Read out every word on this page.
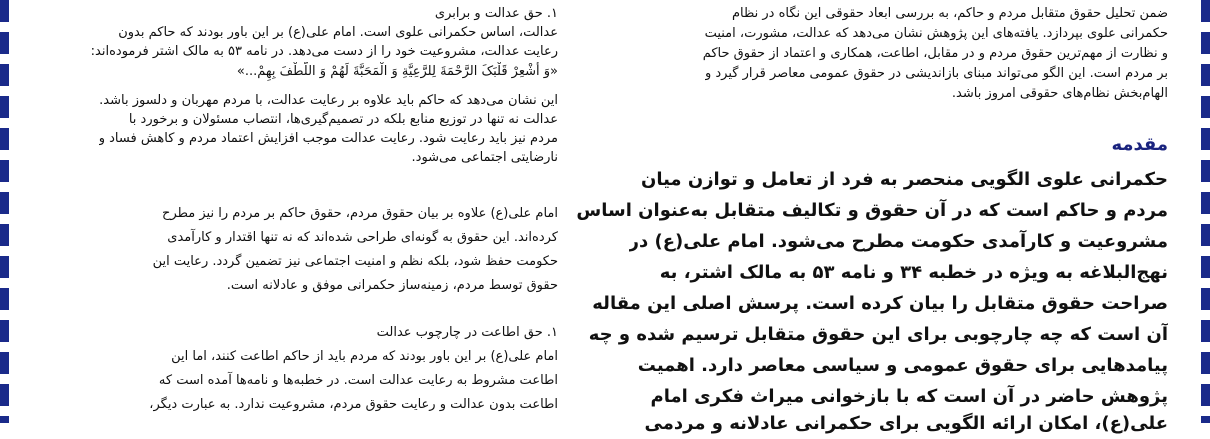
۱. حق عدالت و برابری
عدالت، اساس حکمرانی علوی است. امام علی(ع) بر این باور بودند که حاکم بدون
رعایت عدالت، مشروعیت خود را از دست می‌دهد. در نامه ۵۳ به مالک اشتر فرموده‌اند:
«وَ أَشْعِرْ قَلْبَکَ الرَّحْمَةَ لِلرَّعِیَّةِ وَ الْمَحَبَّةَ لَهُمْ وَ اللُّطْفَ بِهِمْ...»
این نشان می‌دهد که حاکم باید علاوه بر رعایت عدالت، با مردم مهربان و دلسوز باشد.
عدالت نه تنها در توزیع منابع بلکه در تصمیم‌گیری‌ها، انتصاب مسئولان و برخورد با
مردم نیز باید رعایت شود. رعایت عدالت موجب افزایش اعتماد مردم و کاهش فساد و
نارضایتی اجتماعی می‌شود.
امام علی(ع) علاوه بر بیان حقوق مردم، حقوق حاکم بر مردم را نیز مطرح
کرده‌اند. این حقوق به گونه‌ای طراحی شده‌اند که نه تنها اقتدار و کارآمدی
حکومت حفظ شود، بلکه نظم و امنیت اجتماعی نیز تضمین گردد. رعایت این
حقوق توسط مردم، زمینه‌ساز حکمرانی موفق و عادلانه است.
۱. حق اطاعت در چارچوب عدالت
امام علی(ع) بر این باور بودند که مردم باید از حاکم اطاعت کنند، اما این
اطاعت مشروط به رعایت عدالت است. در خطبه‌ها و نامه‌ها آمده است که
اطاعت بدون عدالت و رعایت حقوق مردم، مشروعیت ندارد. به عبارت دیگر،
ضمن تحلیل حقوق متقابل مردم و حاکم، به بررسی ابعاد حقوقی این نگاه در نظام
حکمرانی علوی بپردازد. یافته‌های این پژوهش نشان می‌دهد که عدالت، مشورت، امنیت
و نظارت از مهم‌ترین حقوق مردم و در مقابل، اطاعت، همکاری و اعتماد از حقوق حاکم
بر مردم است. این الگو می‌تواند مبنای بازاندیشی در حقوق عمومی معاصر قرار گیرد و
الهام‌بخش نظام‌های حقوقی امروز باشد.
مقدمه
حکمرانی علوی الگویی منحصر به فرد از تعامل و توازن میان
مردم و حاکم است که در آن حقوق و تکالیف متقابل به‌عنوان اساس
مشروعیت و کارآمدی حکومت مطرح می‌شود. امام علی(ع) در
نهج‌البلاغه به ویژه در خطبه ۳۴ و نامه ۵۳ به مالک اشتر، به
صراحت حقوق متقابل را بیان کرده است. پرسش اصلی این مقاله
آن است که چه چارچوبی برای این حقوق متقابل ترسیم شده و چه
پیامدهایی برای حقوق عمومی و سیاسی معاصر دارد. اهمیت
پژوهش حاضر در آن است که با بازخوانی میراث فکری امام
علی(ع)، امکان ارائه الگویی برای حکمرانی عادلانه و مردمی
